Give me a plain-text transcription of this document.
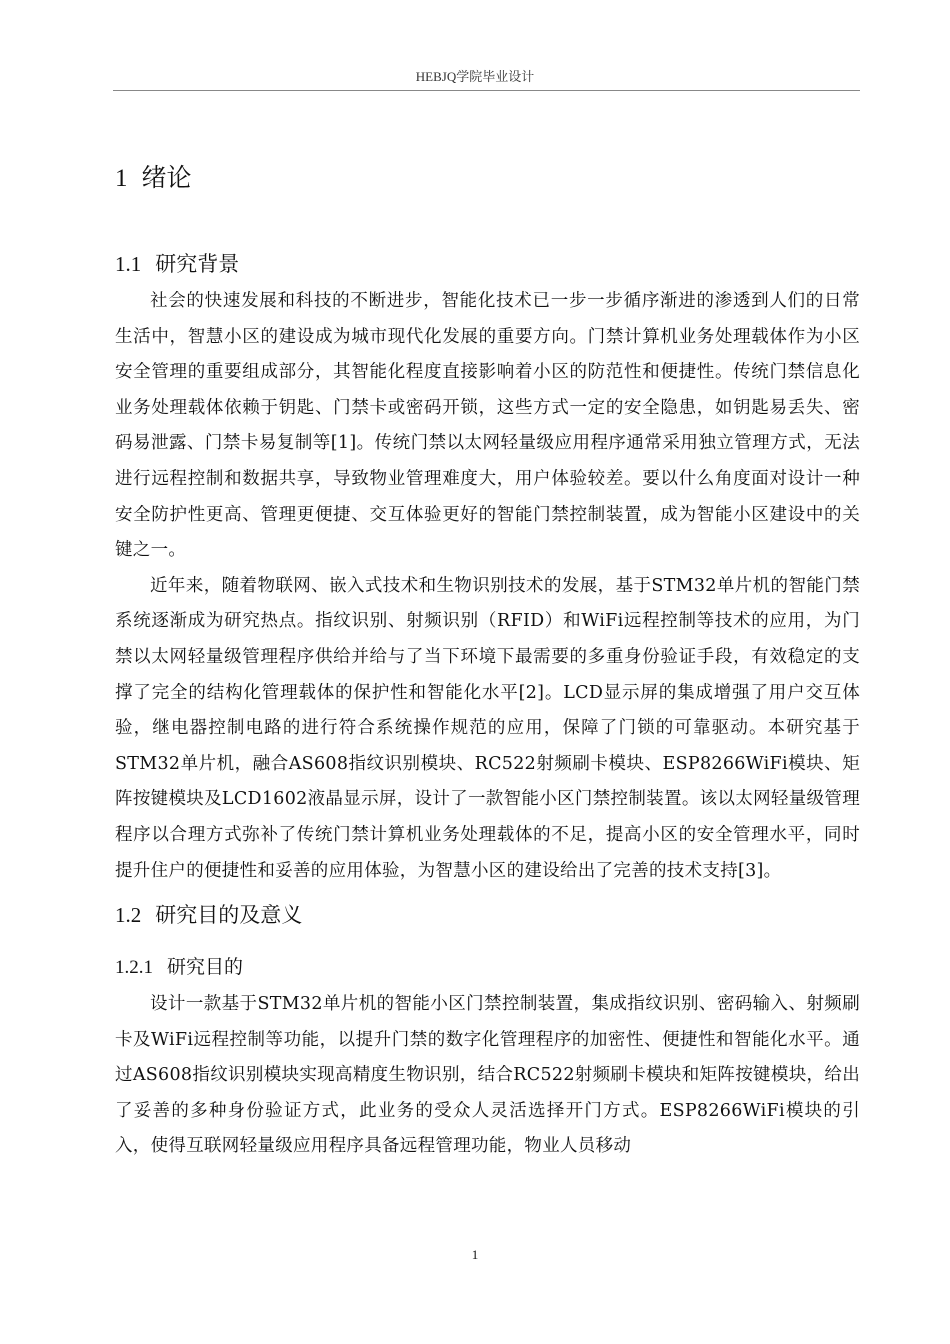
HEBJQ学院毕业设计
1 绪论
1.1 研究背景

社会的快速发展和科技的不断进步，智能化技术已一步一步循序渐进的渗透到人们的日常生活中，智慧小区的建设成为城市现代化发展的重要方向。门禁计算机业务处理载体作为小区安全管理的重要组成部分，其智能化程度直接影响着小区的防范性和便捷性。传统门禁信息化业务处理载体依赖于钥匙、门禁卡或密码开锁，这些方式一定的安全隐患，如钥匙易丢失、密码易泄露、门禁卡易复制等[1]。传统门禁以太网轻量级应用程序通常采用独立管理方式，无法进行远程控制和数据共享，导致物业管理难度大，用户体验较差。要以什么角度面对设计一种安全防护性更高、管理更便捷、交互体验更好的智能门禁控制装置，成为智能小区建设中的关键之一。

近年来，随着物联网、嵌入式技术和生物识别技术的发展，基于STM32单片机的智能门禁系统逐渐成为研究热点。指纹识别、射频识别（RFID）和WiFi远程控制等技术的应用，为门禁以太网轻量级管理程序供给并给与了当下环境下最需要的多重身份验证手段，有效稳定的支撑了完全的结构化管理载体的保护性和智能化水平[2]。LCD显示屏的集成增强了用户交互体验，继电器控制电路的进行符合系统操作规范的应用，保障了门锁的可靠驱动。本研究基于STM32单片机，融合AS608指纹识别模块、RC522射频刷卡模块、ESP8266WiFi模块、矩阵按键模块及LCD1602液晶显示屏，设计了一款智能小区门禁控制装置。该以太网轻量级管理程序以合理方式弥补了传统门禁计算机业务处理载体的不足，提高小区的安全管理水平，同时提升住户的便捷性和妥善的应用体验，为智慧小区的建设给出了完善的技术支持[3]。

1.2 研究目的及意义
1.2.1 研究目的

设计一款基于STM32单片机的智能小区门禁控制装置，集成指纹识别、密码输入、射频刷卡及WiFi远程控制等功能，以提升门禁的数字化管理程序的加密性、便捷性和智能化水平。通过AS608指纹识别模块实现高精度生物识别，结合RC522射频刷卡模块和矩阵按键模块，给出了妥善的多种身份验证方式，此业务的受众人灵活选择开门方式。ESP8266WiFi模块的引入，使得互联网轻量级应用程序具备远程管理功能，物业人员移动

1
